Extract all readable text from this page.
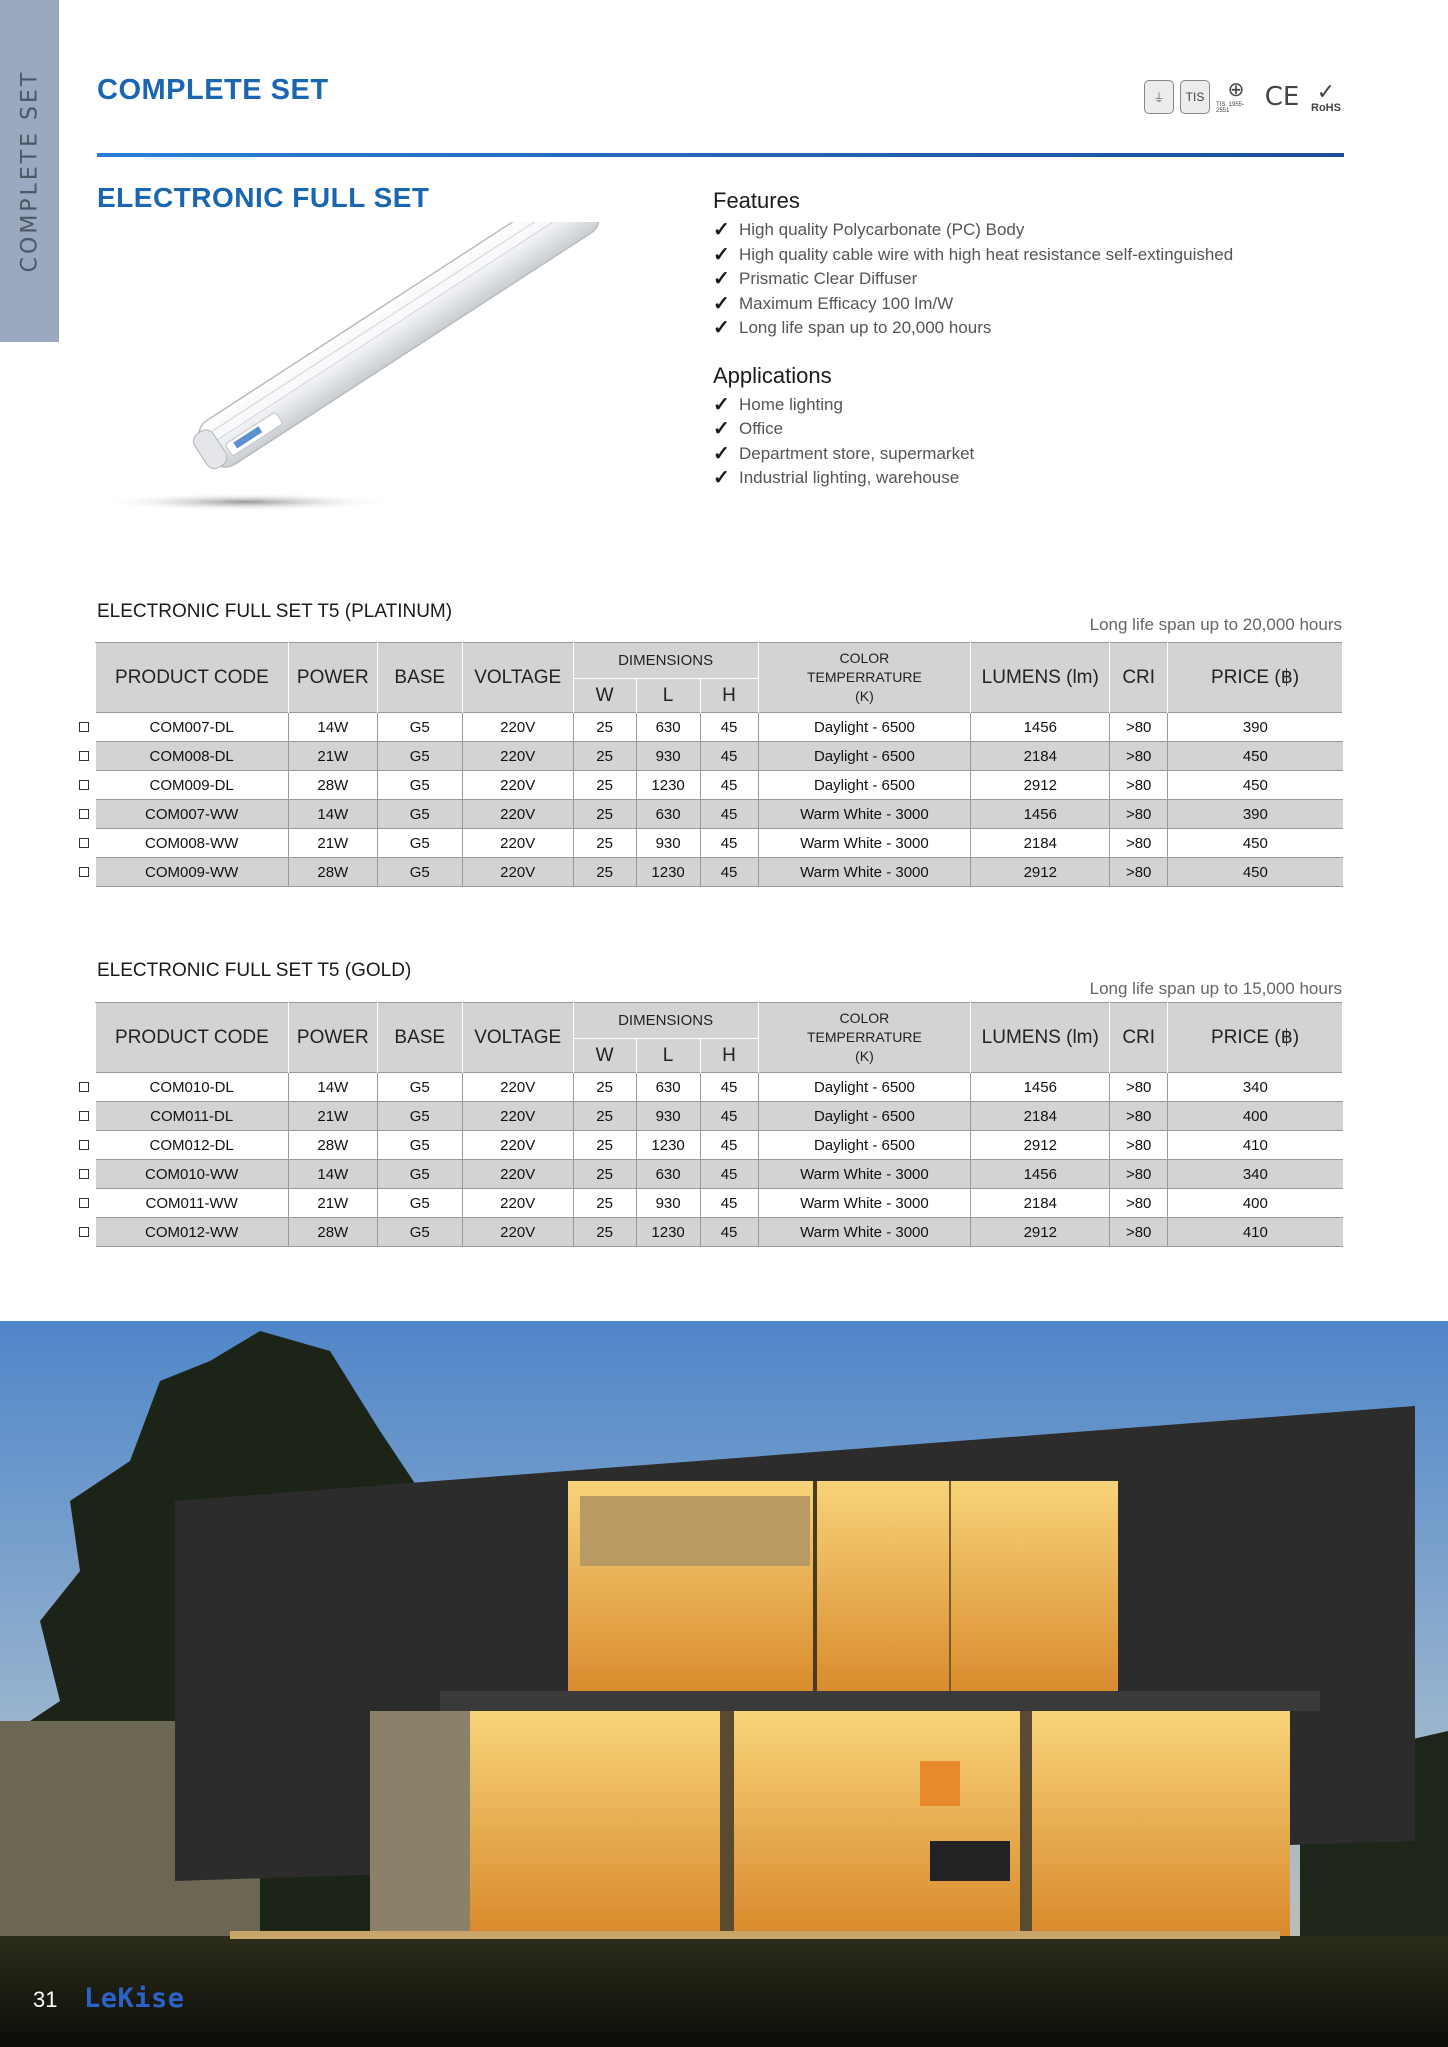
COMPLETE SET COMPLETE SET	⏚	TIS	⊕
TIS. 1955-2551	CE ✓
RoHS
ELECTRONIC FULL SET	Features
✓ High quality Polycarbonate (PC) Body
✓ High quality cable wire with high heat resistance self-extinguished
✓ Prismatic Clear Diffuser
✓ Maximum Efficacy 100 lm/W
✓ Long life span up to 20,000 hours
Applications
✓ Home lighting
✓ Office
✓ Department store, supermarket
✓ Industrial lighting, warehouse
ELECTRONIC FULL SET T5 (PLATINUM)
Long life span up to 20,000 hours
PRODUCT CODE	POWER	BASE	VOLTAGE	DIMENSIONS			COLOR
TEMPERRATURE
(K)	LUMENS (lm)	CRI	PRICE (฿)
				W	L	H				

COM007-DL	14W	G5	220V	25	630	45	Daylight - 6500	1456	>80	390

COM008-DL	21W	G5	220V	25	930	45	Daylight - 6500	2184	>80	450

COM009-DL	28W	G5	220V	25	1230	45	Daylight - 6500	2912	>80	450

COM007-WW	14W	G5	220V	25	630	45	Warm White - 3000	1456	>80	390

COM008-WW	21W	G5	220V	25	930	45	Warm White - 3000	2184	>80	450

COM009-WW	28W	G5	220V	25	1230	45	Warm White - 3000	2912	>80	450
ELECTRONIC FULL SET T5 (GOLD)
Long life span up to 15,000 hours
PRODUCT CODE	POWER	BASE	VOLTAGE	DIMENSIONS			COLOR
TEMPERRATURE
(K)	LUMENS (lm)	CRI	PRICE (฿)
				W	L	H				

COM010-DL	14W	G5	220V	25	630	45	Daylight - 6500	1456	>80	340

COM011-DL	21W	G5	220V	25	930	45	Daylight - 6500	2184	>80	400

COM012-DL	28W	G5	220V	25	1230	45	Daylight - 6500	2912	>80	410

COM010-WW	14W	G5	220V	25	630	45	Warm White - 3000	1456	>80	340

COM011-WW	21W	G5	220V	25	930	45	Warm White - 3000	2184	>80	400

COM012-WW	28W	G5	220V	25	1230	45	Warm White - 3000	2912	>80	410
31 LeKise
